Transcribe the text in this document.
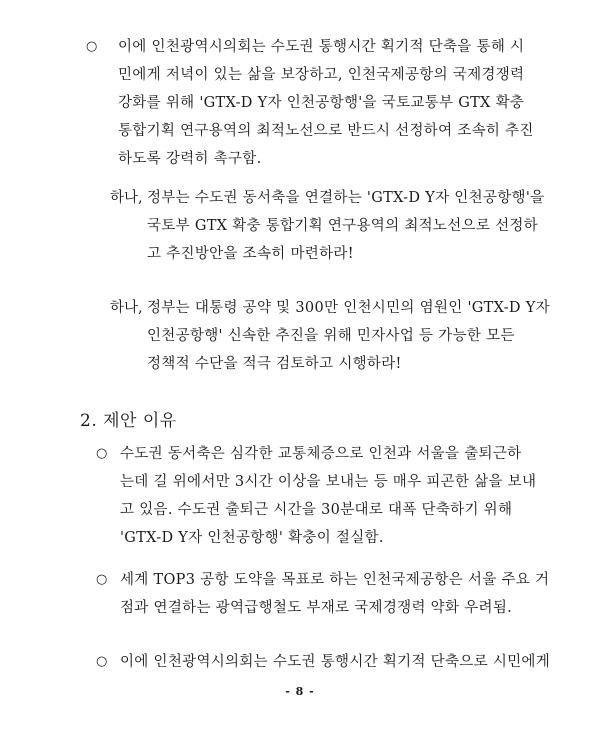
○ 이에 인천광역시의회는 수도권 통행시간 획기적 단축을 통해 시
민에게 저녁이 있는 삶을 보장하고, 인천국제공항의 국제경쟁력
강화를 위해 'GTX-D Y자 인천공항행'을 국토교통부 GTX 확충
통합기획 연구용역의 최적노선으로 반드시 선정하여 조속히 추진
하도록 강력히 촉구함.
하나, 정부는 수도권 동서축을 연결하는 'GTX-D Y자 인천공항행'을
국토부 GTX 확충 통합기획 연구용역의 최적노선으로 선정하
고 추진방안을 조속히 마련하라!
하나, 정부는 대통령 공약 및 300만 인천시민의 염원인 'GTX-D Y자
인천공항행' 신속한 추진을 위해 민자사업 등 가능한 모든
정책적 수단을 적극 검토하고 시행하라!
2. 제안 이유
○ 수도권 동서축은 심각한 교통체증으로 인천과 서울을 출퇴근하
는데 길 위에서만 3시간 이상을 보내는 등 매우 피곤한 삶을 보내
고 있음. 수도권 출퇴근 시간을 30분대로 대폭 단축하기 위해
'GTX-D Y자 인천공항행' 확충이 절실함.
○ 세계 TOP3 공항 도약을 목표로 하는 인천국제공항은 서울 주요 거
점과 연결하는 광역급행철도 부재로 국제경쟁력 약화 우려됨.
○ 이에 인천광역시의회는 수도권 통행시간 획기적 단축으로 시민에게
- 8 -
